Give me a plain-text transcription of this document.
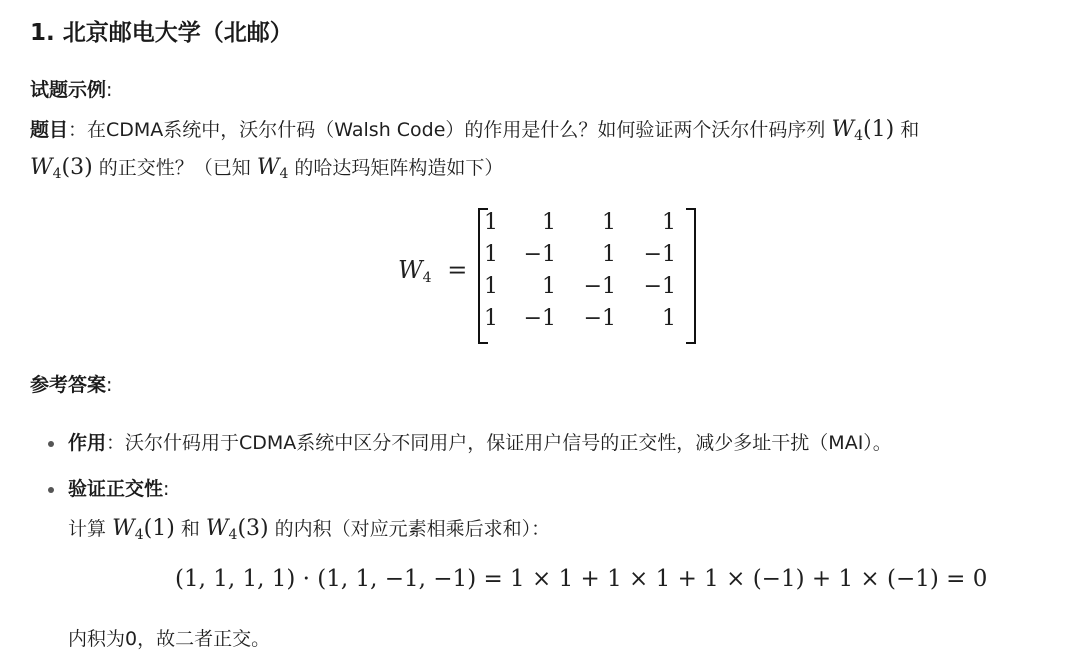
1. 北京邮电大学（北邮）
试题示例:
题目：在CDMA系统中，沃尔什码（Walsh Code）的作用是什么？如何验证两个沃尔什码序列 $W_4(1)$ 和
$W_4(3)$ 的正交性？（已知 $W_4$ 的哈达玛矩阵构造如下）
$W_4$ =
1	1	1	1
1	−1	1	−1
1	1	−1	−1
1	−1	−1	1
参考答案:
作用：沃尔什码用于CDMA系统中区分不同用户，保证用户信号的正交性，减少多址干扰（MAI）。
验证正交性:
计算 $W_4(1)$ 和 $W_4(3)$ 的内积（对应元素相乘后求和）：
(1, 1, 1, 1) · (1, 1, −1, −1) = 1 × 1 + 1 × 1 + 1 × (−1) + 1 × (−1) = 0
内积为0，故二者正交。
